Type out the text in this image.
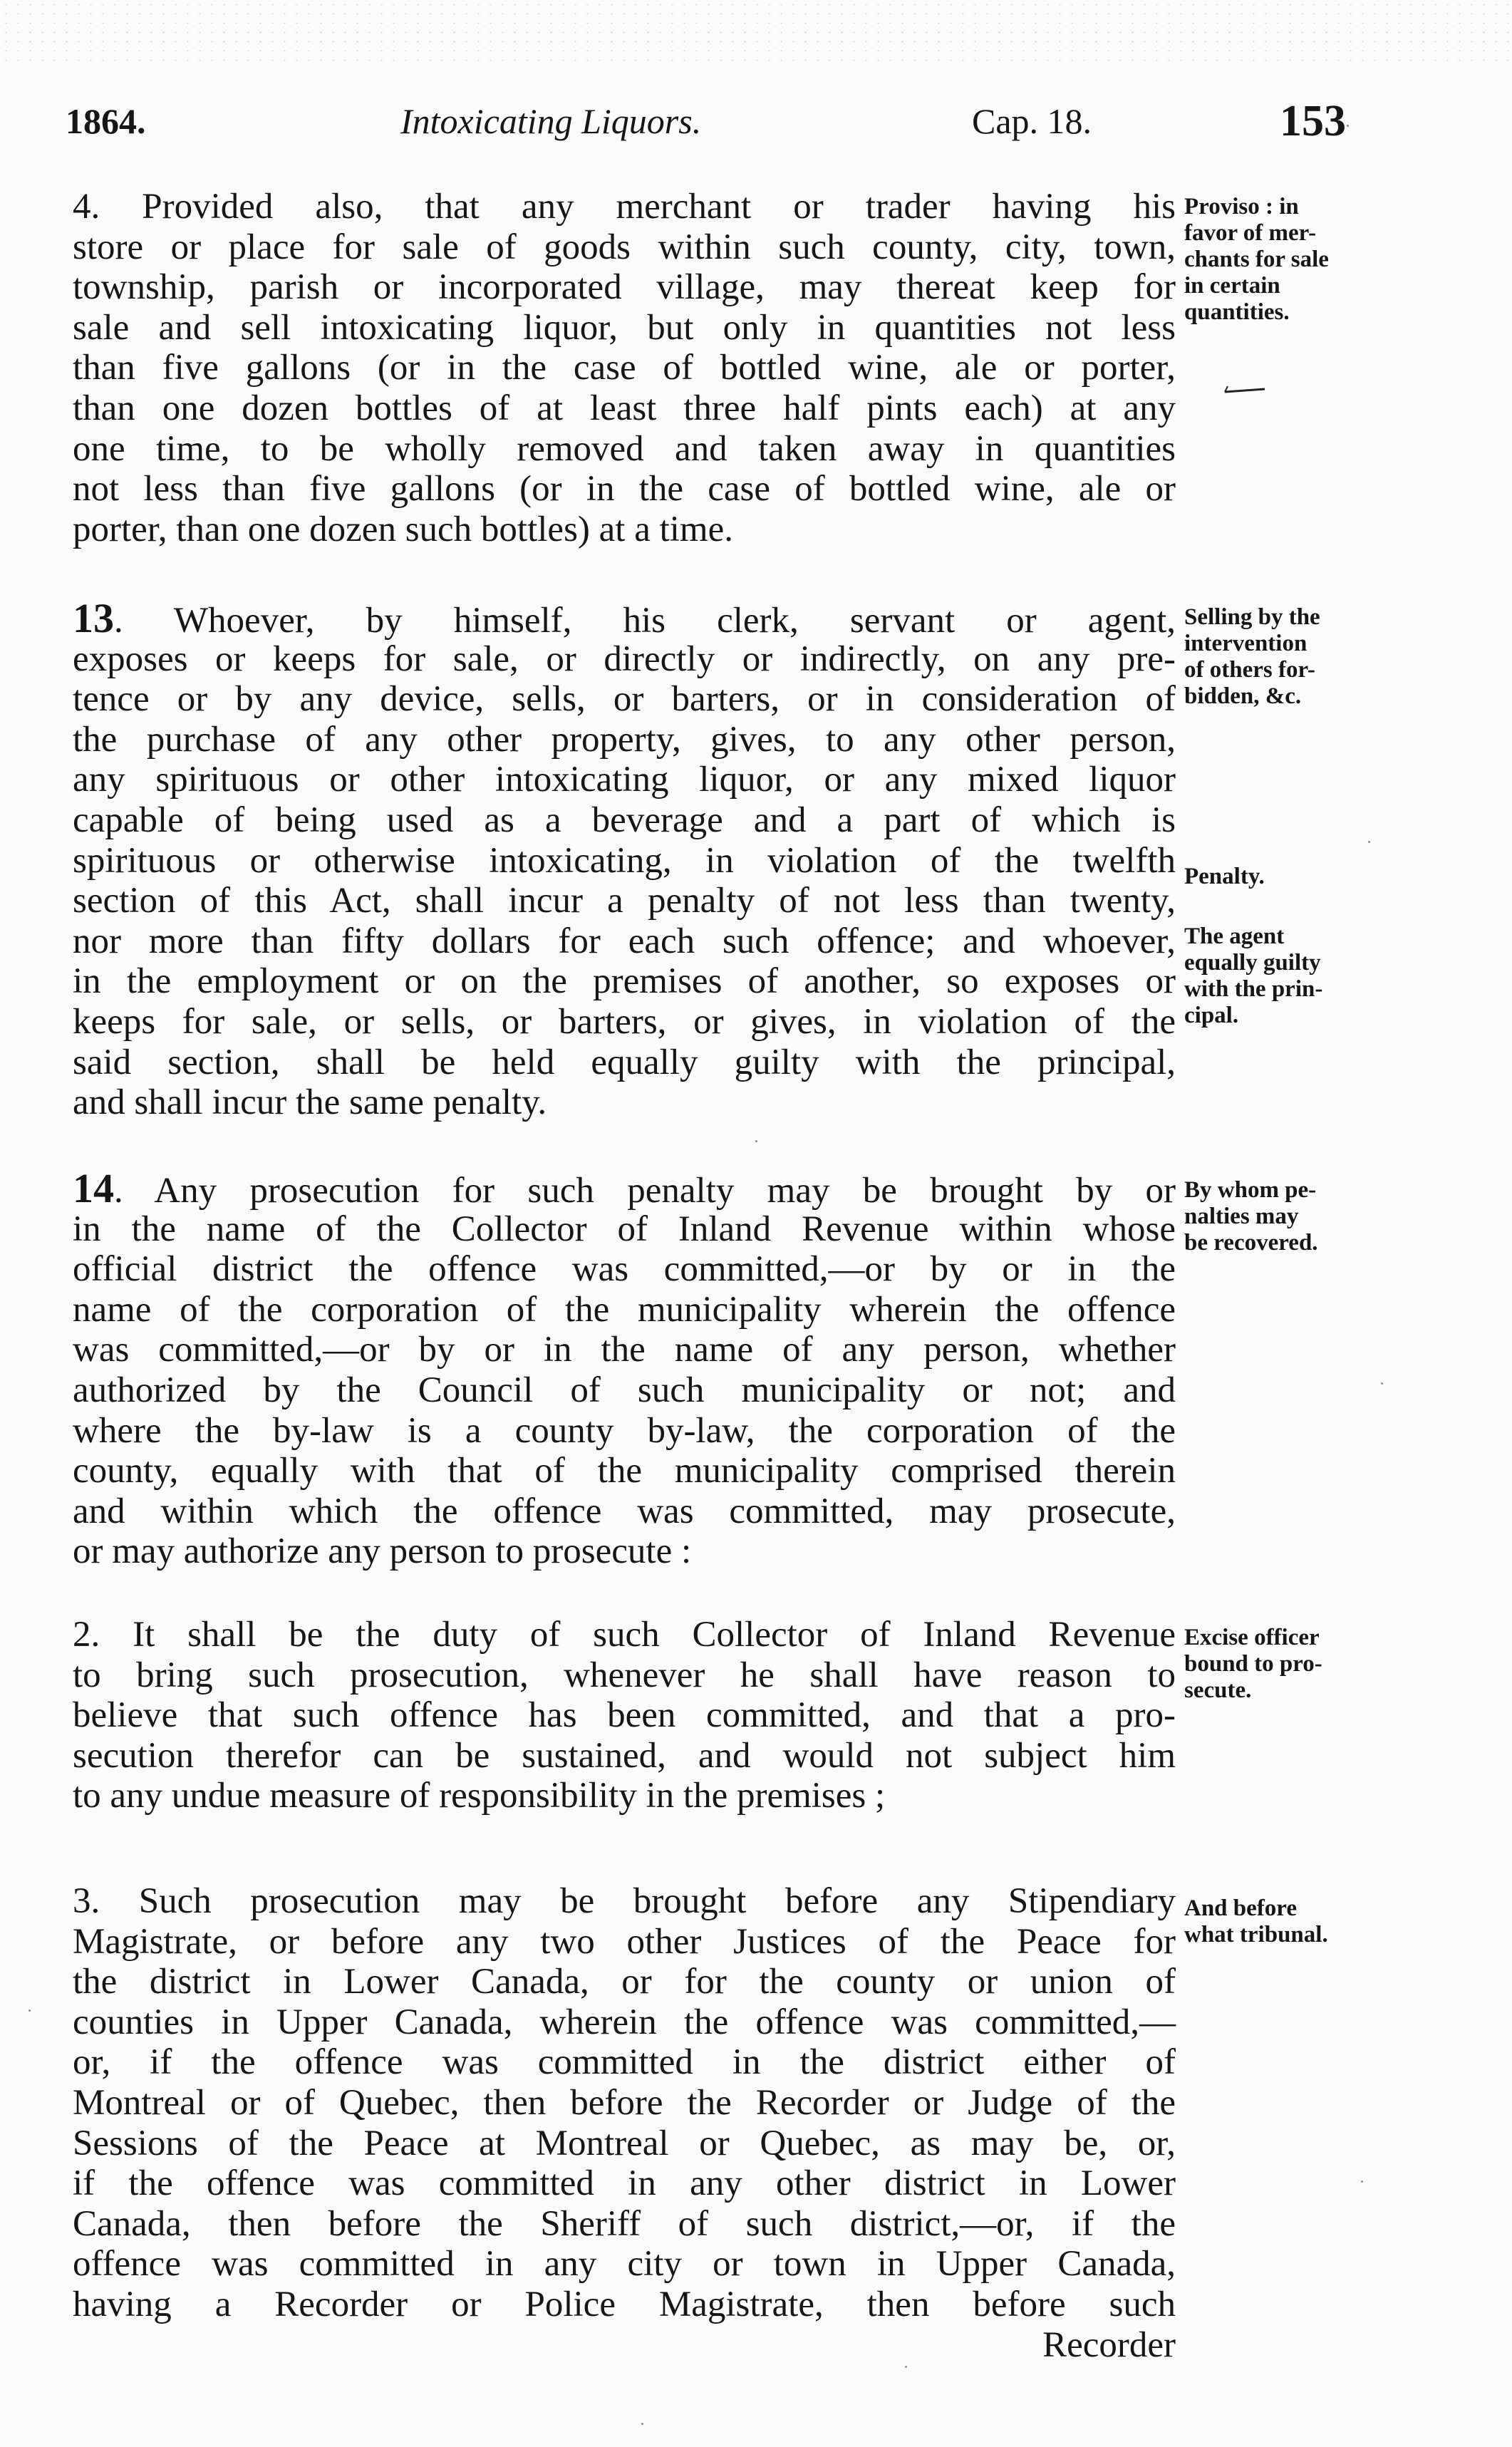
1864.	Intoxicating Liquors.	Cap. 18.	153
4. Provided also, that any merchant or trader having his
store or place for sale of goods within such county, city, town,
township, parish or incorporated village, may thereat keep for
sale and sell intoxicating liquor, but only in quantities not less
than five gallons (or in the case of bottled wine, ale or porter,
than one dozen bottles of at least three half pints each) at any
one time, to be wholly removed and taken away in quantities
not less than five gallons (or in the case of bottled wine, ale or
porter, than one dozen such bottles) at a time.
Proviso : in
favor of mer-
chants for sale
in certain
quantities.
13. Whoever, by himself, his clerk, servant or agent,
exposes or keeps for sale, or directly or indirectly, on any pre-
tence or by any device, sells, or barters, or in consideration of
the purchase of any other property, gives, to any other person,
any spirituous or other intoxicating liquor, or any mixed liquor
capable of being used as a beverage and a part of which is
spirituous or otherwise intoxicating, in violation of the twelfth
section of this Act, shall incur a penalty of not less than twenty,
nor more than fifty dollars for each such offence; and whoever,
in the employment or on the premises of another, so exposes or
keeps for sale, or sells, or barters, or gives, in violation of the
said section, shall be held equally guilty with the principal,
and shall incur the same penalty.
Selling by the
intervention
of others for-
bidden, &c.
Penalty.
The agent
equally guilty
with the prin-
cipal.
14. Any prosecution for such penalty may be brought by or
in the name of the Collector of Inland Revenue within whose
official district the offence was committed,—or by or in the
name of the corporation of the municipality wherein the offence
was committed,—or by or in the name of any person, whether
authorized by the Council of such municipality or not; and
where the by-law is a county by-law, the corporation of the
county, equally with that of the municipality comprised therein
and within which the offence was committed, may prosecute,
or may authorize any person to prosecute :
By whom pe-
nalties may
be recovered.
2. It shall be the duty of such Collector of Inland Revenue
to bring such prosecution, whenever he shall have reason to
believe that such offence has been committed, and that a pro-
secution therefor can be sustained, and would not subject him
to any undue measure of responsibility in the premises ;
Excise officer
bound to pro-
secute.
3. Such prosecution may be brought before any Stipendiary
Magistrate, or before any two other Justices of the Peace for
the district in Lower Canada, or for the county or union of
counties in Upper Canada, wherein the offence was committed,—
or, if the offence was committed in the district either of
Montreal or of Quebec, then before the Recorder or Judge of the
Sessions of the Peace at Montreal or Quebec, as may be, or,
if the offence was committed in any other district in Lower
Canada, then before the Sheriff of such district,—or, if the
offence was committed in any city or town in Upper Canada,
having a Recorder or Police Magistrate, then before such
Recorder
And before
what tribunal.
